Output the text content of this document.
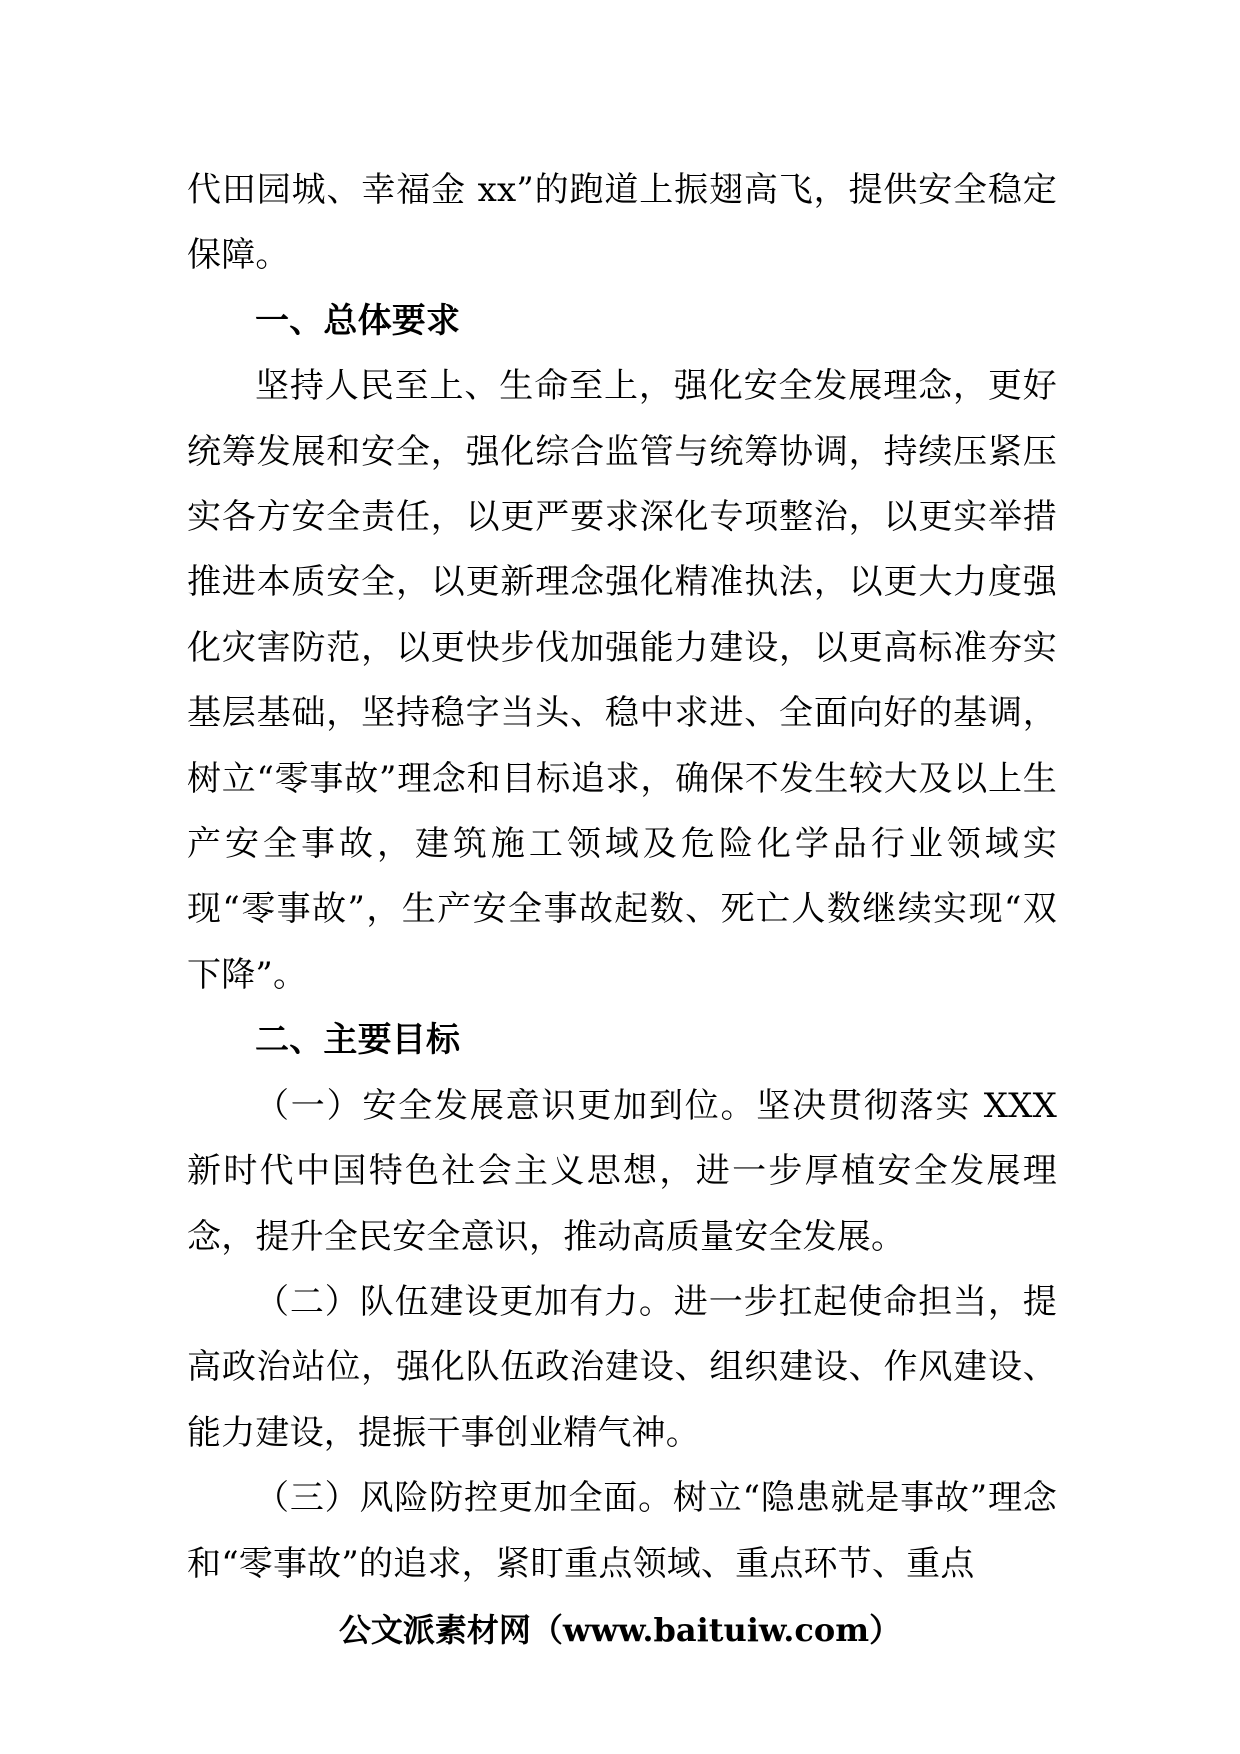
代田园城、幸福金 xx”的跑道上振翅高飞，提供安全稳定保障。

一、总体要求

坚持人民至上、生命至上，强化安全发展理念，更好统筹发展和安全，强化综合监管与统筹协调，持续压紧压实各方安全责任，以更严要求深化专项整治，以更实举措推进本质安全，以更新理念强化精准执法，以更大力度强化灾害防范，以更快步伐加强能力建设，以更高标准夯实基层基础，坚持稳字当头、稳中求进、全面向好的基调，树立“零事故”理念和目标追求，确保不发生较大及以上生产安全事故，建筑施工领域及危险化学品行业领域实现“零事故”，生产安全事故起数、死亡人数继续实现“双下降”。

二、主要目标

（一）安全发展意识更加到位。坚决贯彻落实 XXX 新时代中国特色社会主义思想，进一步厚植安全发展理念，提升全民安全意识，推动高质量安全发展。

（二）队伍建设更加有力。进一步扛起使命担当，提高政治站位，强化队伍政治建设、组织建设、作风建设、能力建设，提振干事创业精气神。

（三）风险防控更加全面。树立“隐患就是事故”理念和“零事故”的追求，紧盯重点领域、重点环节、重点

公文派素材网（www.baituiw.com）
